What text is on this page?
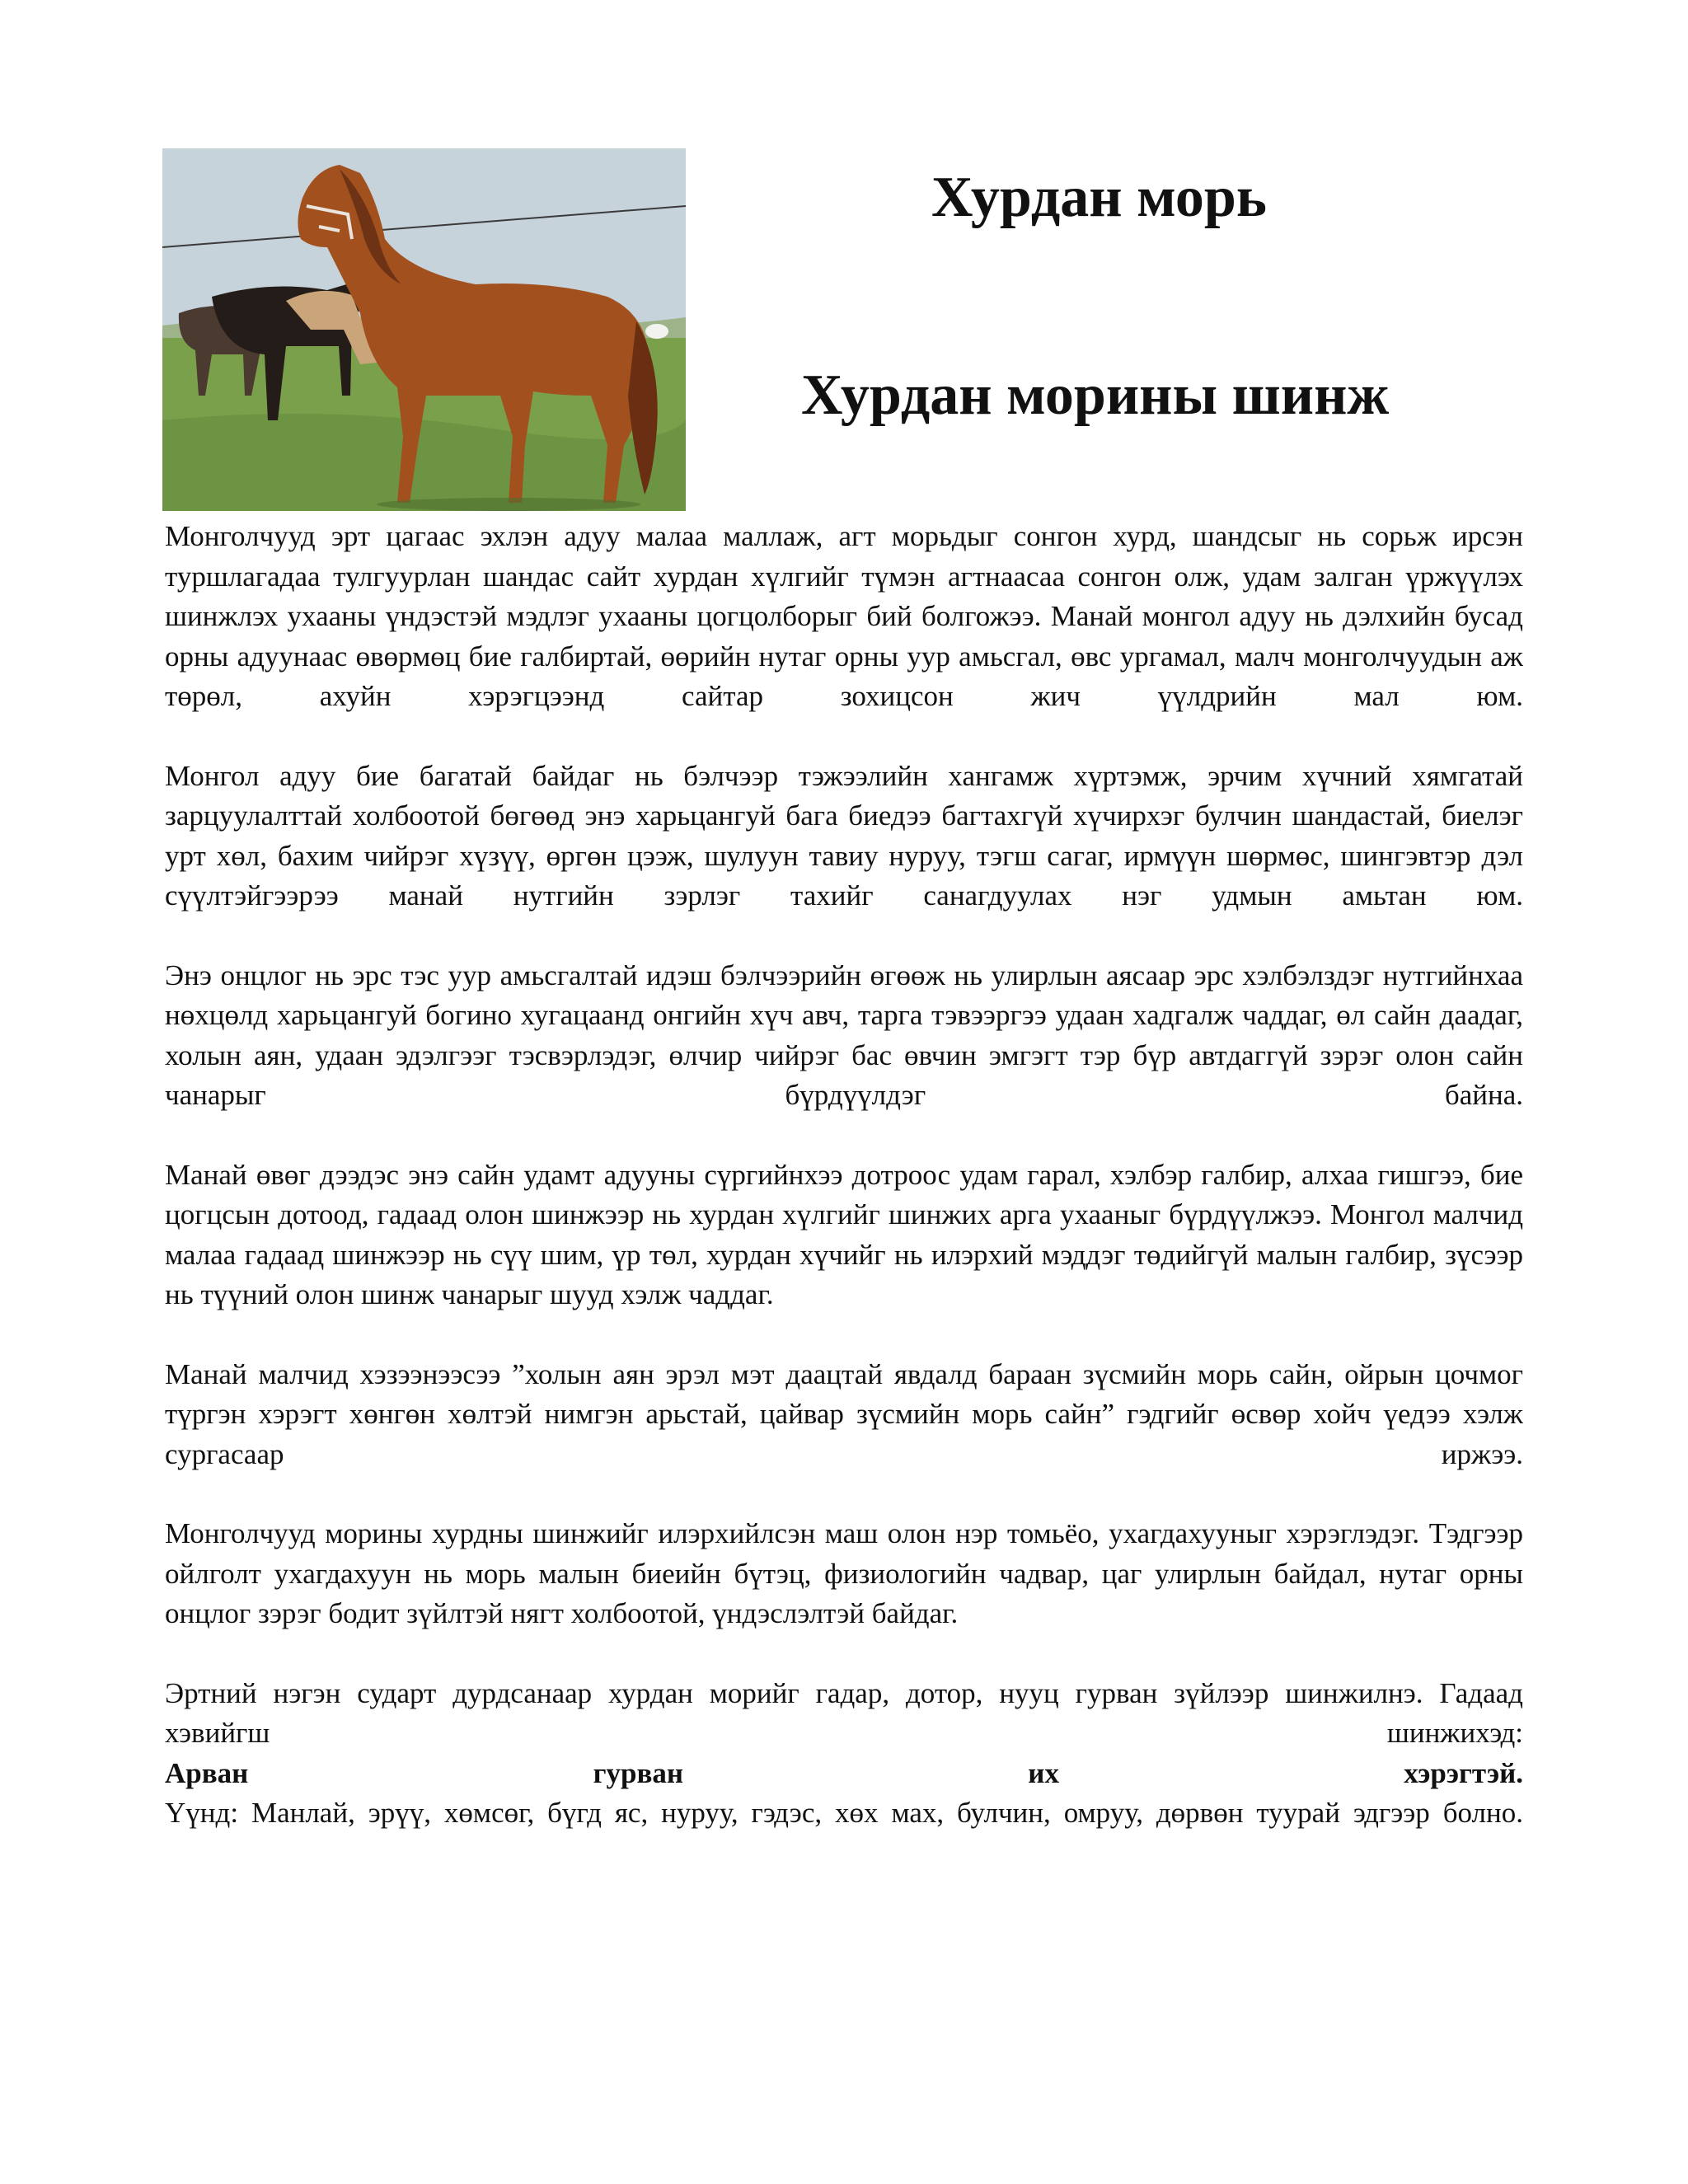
Хурдан морь
Хурдан морины шинж

Монголчууд эрт цагаас эхлэн адуу малаа маллаж, агт морьдыг сонгон хурд, шандсыг нь сорьж ирсэн туршлагадаа тулгуурлан шандас сайт хурдан хүлгийг түмэн агтнаасаа сонгон олж, удам залган үржүүлэх шинжлэх ухааны үндэстэй мэдлэг ухааны цогцолборыг бий болгожээ. Манай монгол адуу нь дэлхийн бусад орны адуунаас өвөрмөц бие галбиртай, өөрийн нутаг орны уур амьсгал, өвс ургамал, малч монголчуудын аж төрөл, ахуйн хэрэгцээнд сайтар зохицсон жич үүлдрийн мал юм.

Монгол адуу бие багатай байдаг нь бэлчээр тэжээлийн хангамж хүртэмж, эрчим хүчний хямгатай зарцуулалттай холбоотой бөгөөд энэ харьцангуй бага биедээ багтахгүй хүчирхэг булчин шандастай, биелэг урт хөл, бахим чийрэг хүзүү, өргөн цээж, шулуун тавиу нуруу, тэгш сагаг, ирмүүн шөрмөс, шингэвтэр дэл сүүлтэйгээрээ манай нутгийн зэрлэг тахийг санагдуулах нэг удмын амьтан юм.

Энэ онцлог нь эрс тэс уур амьсгалтай идэш бэлчээрийн өгөөж нь улирлын аясаар эрс хэлбэлздэг нутгийнхаа нөхцөлд харьцангуй богино хугацаанд онгийн хүч авч, тарга тэвээргээ удаан хадгалж чаддаг, өл сайн даадаг, холын аян, удаан эдэлгээг тэсвэрлэдэг, өлчир чийрэг бас өвчин эмгэгт тэр бүр автдаггүй зэрэг олон сайн чанарыг бүрдүүлдэг байна.

Манай өвөг дээдэс энэ сайн удамт адууны сүргийнхээ дотроос удам гарал, хэлбэр галбир, алхаа гишгээ, бие цогцсын дотоод, гадаад олон шинжээр нь хурдан хүлгийг шинжих арга ухааныг бүрдүүлжээ. Монгол малчид малаа гадаад шинжээр нь сүү шим, үр төл, хурдан хүчийг нь илэрхий мэддэг төдийгүй малын галбир, зүсээр нь түүний олон шинж чанарыг шууд хэлж чаддаг.

Манай малчид хэзээнээсээ ”холын аян эрэл мэт даацтай явдалд бараан зүсмийн морь сайн, ойрын цочмог түргэн хэрэгт хөнгөн хөлтэй нимгэн арьстай, цайвар зүсмийн морь сайн” гэдгийг өсвөр хойч үедээ хэлж сургасаар иржээ.

Монголчууд морины хурдны шинжийг илэрхийлсэн маш олон нэр томьёо, ухагдахууныг хэрэглэдэг. Тэдгээр ойлголт ухагдахуун нь морь малын биеийн бүтэц, физиологийн чадвар, цаг улирлын байдал, нутаг орны онцлог зэрэг бодит зүйлтэй нягт холбоотой, үндэслэлтэй байдаг.

Эртний нэгэн сударт дурдсанаар хурдан морийг гадар, дотор, нууц гурван зүйлээр шинжилнэ. Гадаад хэвийгш шинжихэд:

Арван гурван их хэрэгтэй.

Үүнд: Манлай, эрүү, хөмсөг, бүгд яс, нуруу, гэдэс, хөх мах, булчин, омруу, дөрвөн туурай эдгээр болно.
